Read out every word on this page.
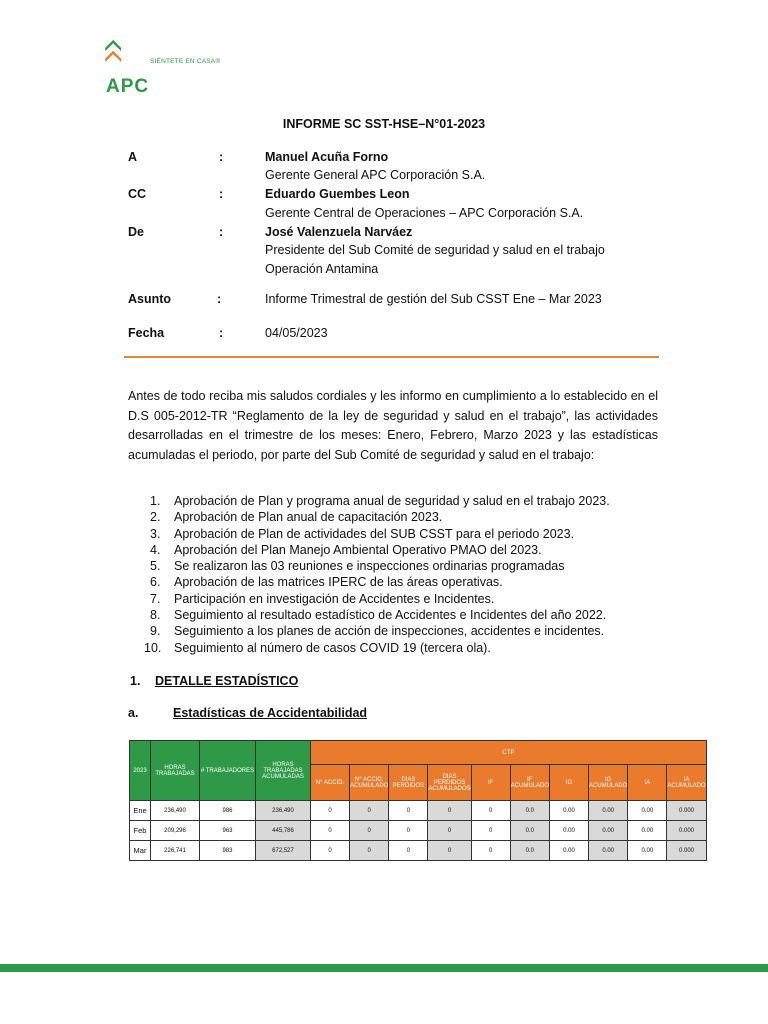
SIÉNTETE EN CASA®
APC
INFORME SC SST-HSE–N°01-2023
A	:	Manuel Acuña Forno
Gerente General APC Corporación S.A.
CC	:	Eduardo Guembes Leon
Gerente Central de Operaciones – APC Corporación S.A.
De	:	José Valenzuela Narváez
Presidente del Sub Comité de seguridad y salud en el trabajo
Operación Antamina
Asunto	:	Informe Trimestral de gestión del Sub CSST Ene – Mar 2023
Fecha	:	04/05/2023
Antes de todo reciba mis saludos cordiales y les informo en cumplimiento a lo establecido en el D.S 005-2012-TR “Reglamento de la ley de seguridad y salud en el trabajo”, las actividades desarrolladas en el trimestre de los meses: Enero, Febrero, Marzo 2023 y las estadísticas acumuladas el periodo, por parte del Sub Comité de seguridad y salud en el trabajo:
1.	Aprobación de Plan y programa anual de seguridad y salud en el trabajo 2023.
2.	Aprobación de Plan anual de capacitación 2023.
3.	Aprobación de Plan de actividades del SUB CSST para el periodo 2023.
4.	Aprobación del Plan Manejo Ambiental Operativo PMAO del 2023.
5.	Se realizaron las 03 reuniones e inspecciones ordinarias programadas
6.	Aprobación de las matrices IPERC de las áreas operativas.
7.	Participación en investigación de Accidentes e Incidentes.
8.	Seguimiento al resultado estadístico de Accidentes e Incidentes del año 2022.
9.	Seguimiento a los planes de acción de inspecciones, accidentes e incidentes.
10.	Seguimiento al número de casos COVID 19 (tercera ola).
1. DETALLE ESTADÍSTICO
a.	Estadísticas de Accidentabilidad
2023	HORAS TRABAJADAS	# TRABAJADORES	HORAS TRABAJADAS ACUMULADAS	CTP									
				N° ACCID.	N° ACCID. ACUMULADO	DIAS PERDIDOS	DIAS PERDIDOS ACUMULADOS	IF	IF ACUMULADO	IG	IG ACUMULADO	IA	IA ACUMULADO
Ene	236,490	986	236,490	0	0	0	0	0	0.0	0.00	0.00	0.00	0.000
Feb	209,296	963	445,786	0	0	0	0	0	0.0	0.00	0.00	0.00	0.000
Mar	226,741	983	672,527	0	0	0	0	0	0.0	0.00	0.00	0.00	0.000
